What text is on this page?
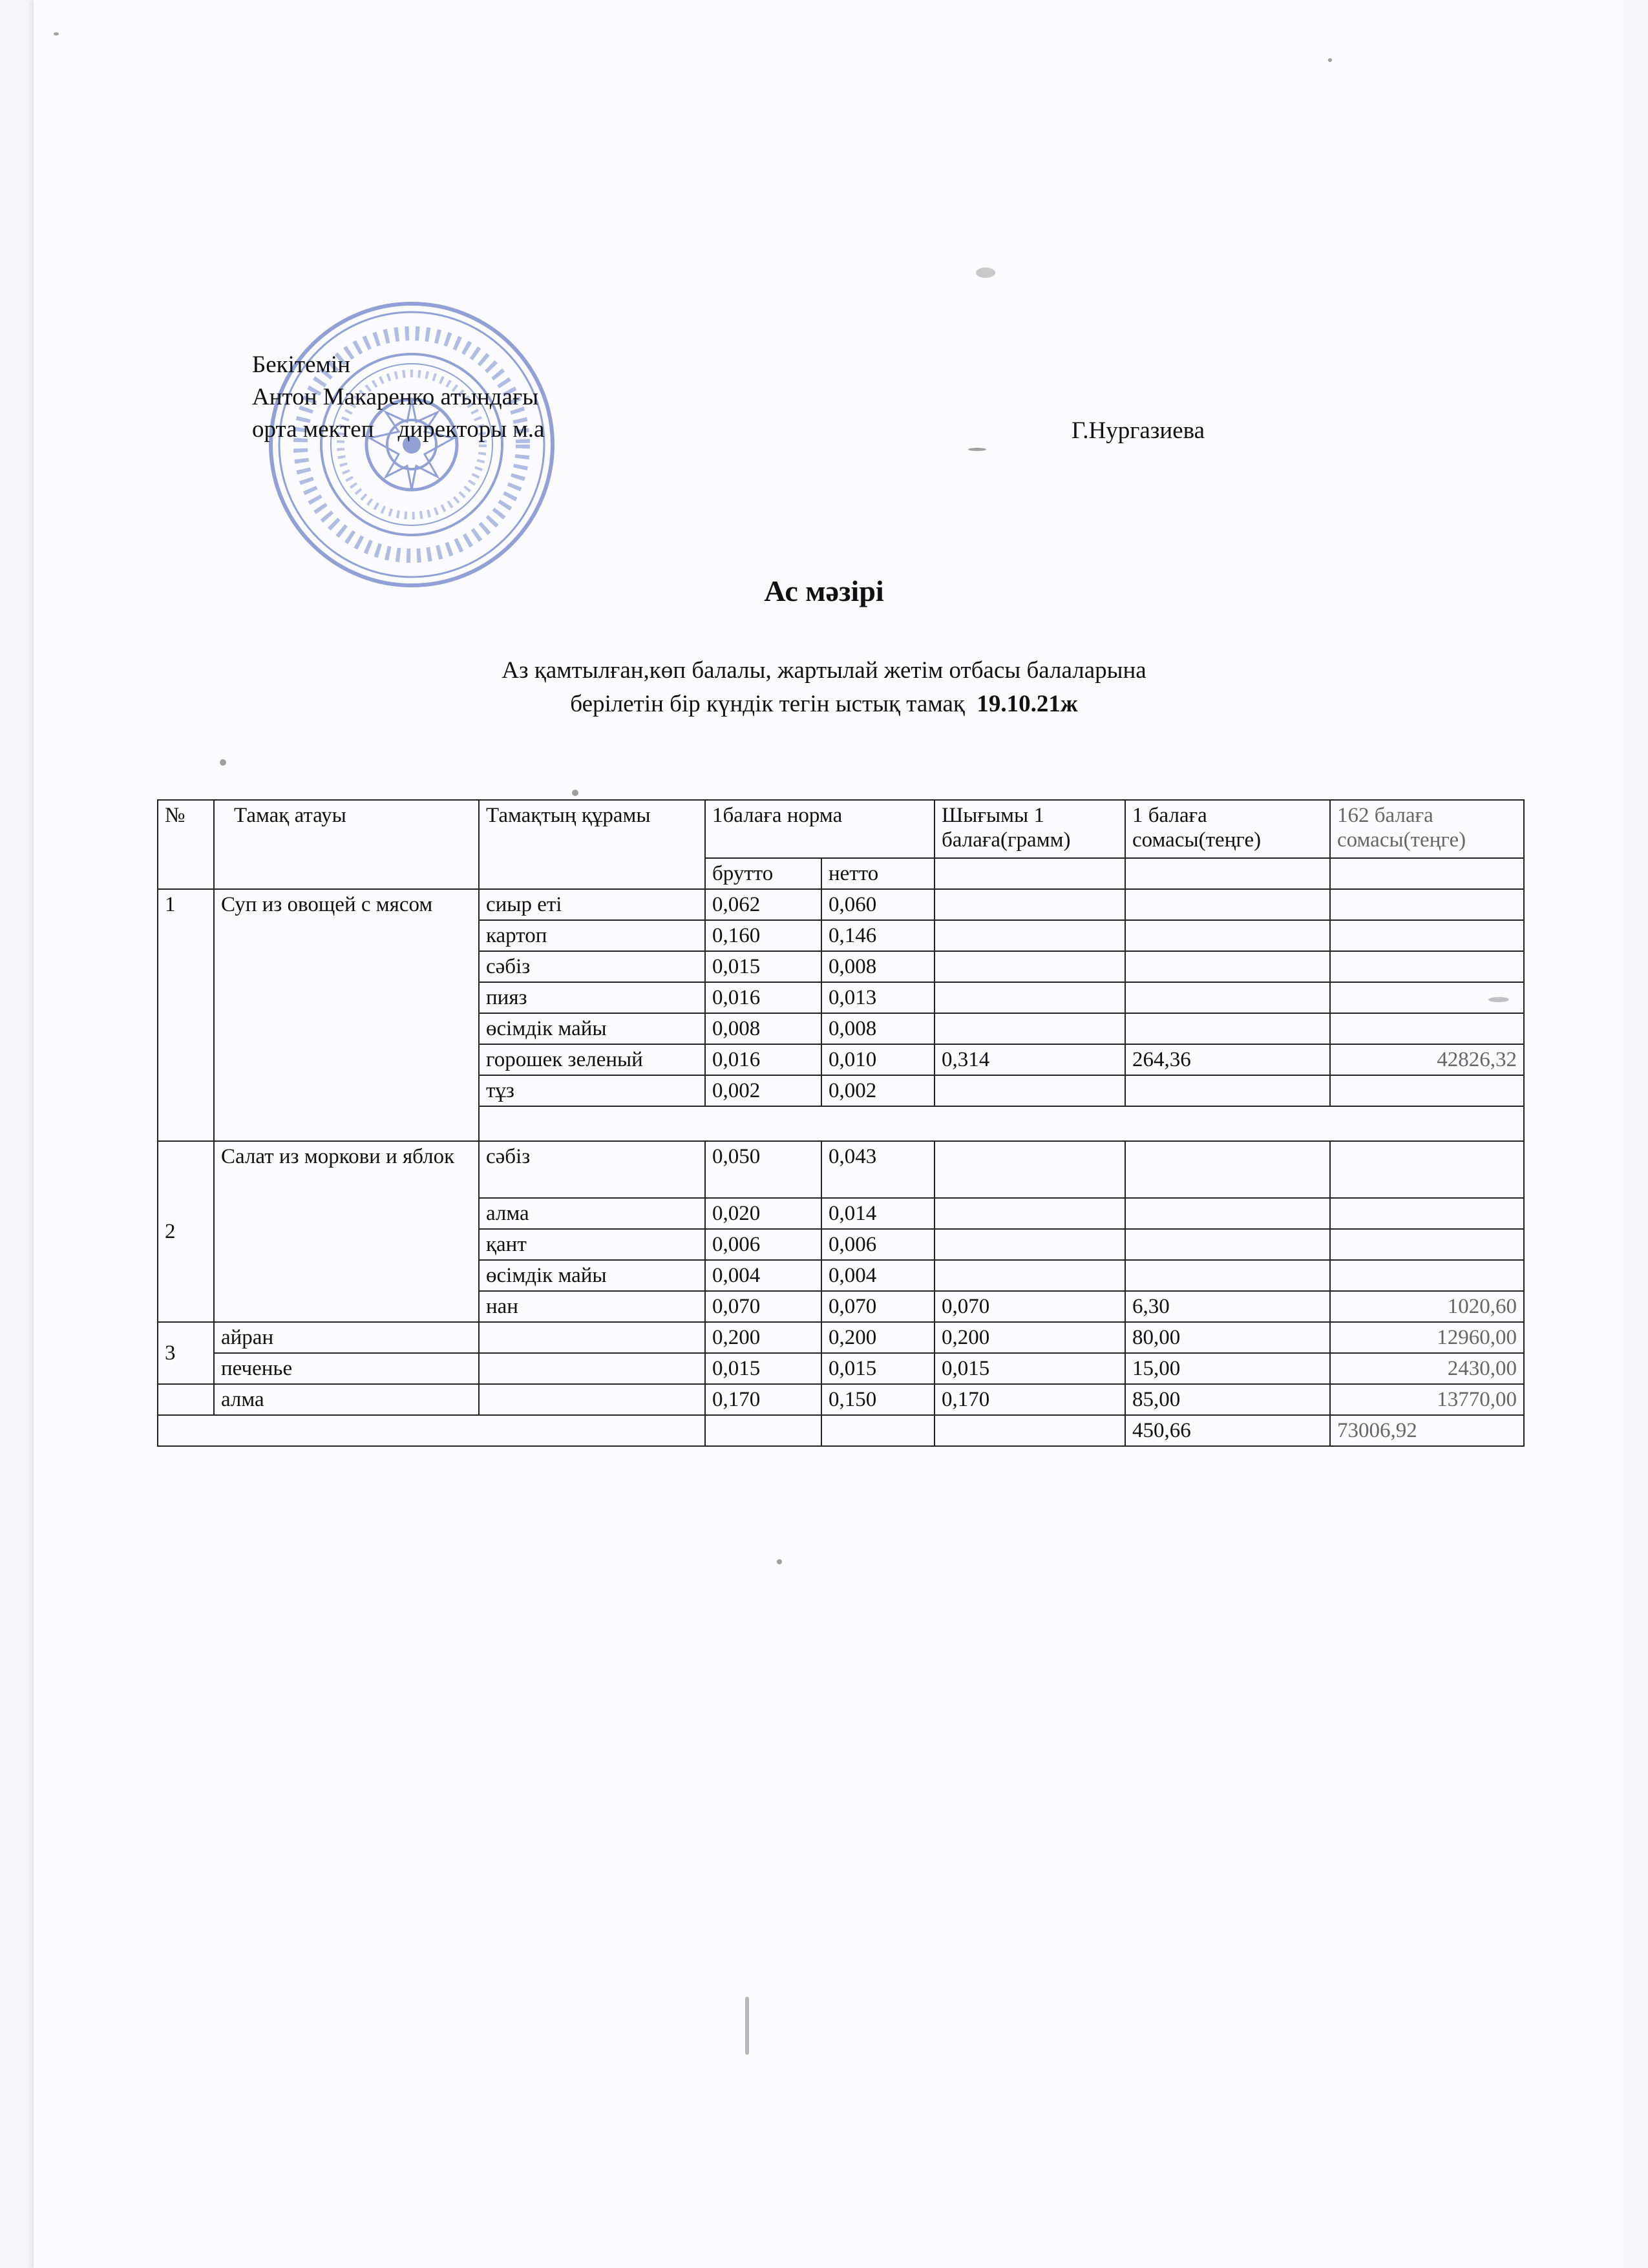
Бекітемін
Антон Макаренко атындағы
орта мектеп    директоры м.а	Г.Нургазиева
Ас мәзірі
Аз қамтылған,көп балалы, жартылай жетім отбасы балаларына
берілетін бір күндік тегін ыстық тамақ  19.10.21ж
№	Тамақ атауы	Тамақтың құрамы	1балаға норма		Шығымы 1 балаға(грамм)	1 балаға сомасы(теңге)	162 балаға сомасы(теңге)
			брутто	нетто			
1	Суп из овощей с мясом	сиыр еті	0,062	0,060			
		картоп	0,160	0,146			
		сәбіз	0,015	0,008			
		пияз	0,016	0,013			
		өсімдік майы	0,008	0,008			
		горошек зеленый	0,016	0,010	0,314	264,36	42826,32
		тұз	0,002	0,002			

2	Салат из моркови и яблок	сәбіз	0,050	0,043			
		алма	0,020	0,014			
		қант	0,006	0,006			
		өсімдік майы	0,004	0,004			
		нан	0,070	0,070	0,070	6,30	1020,60
3	айран		0,200	0,200	0,200	80,00	12960,00
	печенье		0,015	0,015	0,015	15,00	2430,00
	алма		0,170	0,150	0,170	85,00	13770,00
						450,66	73006,92
